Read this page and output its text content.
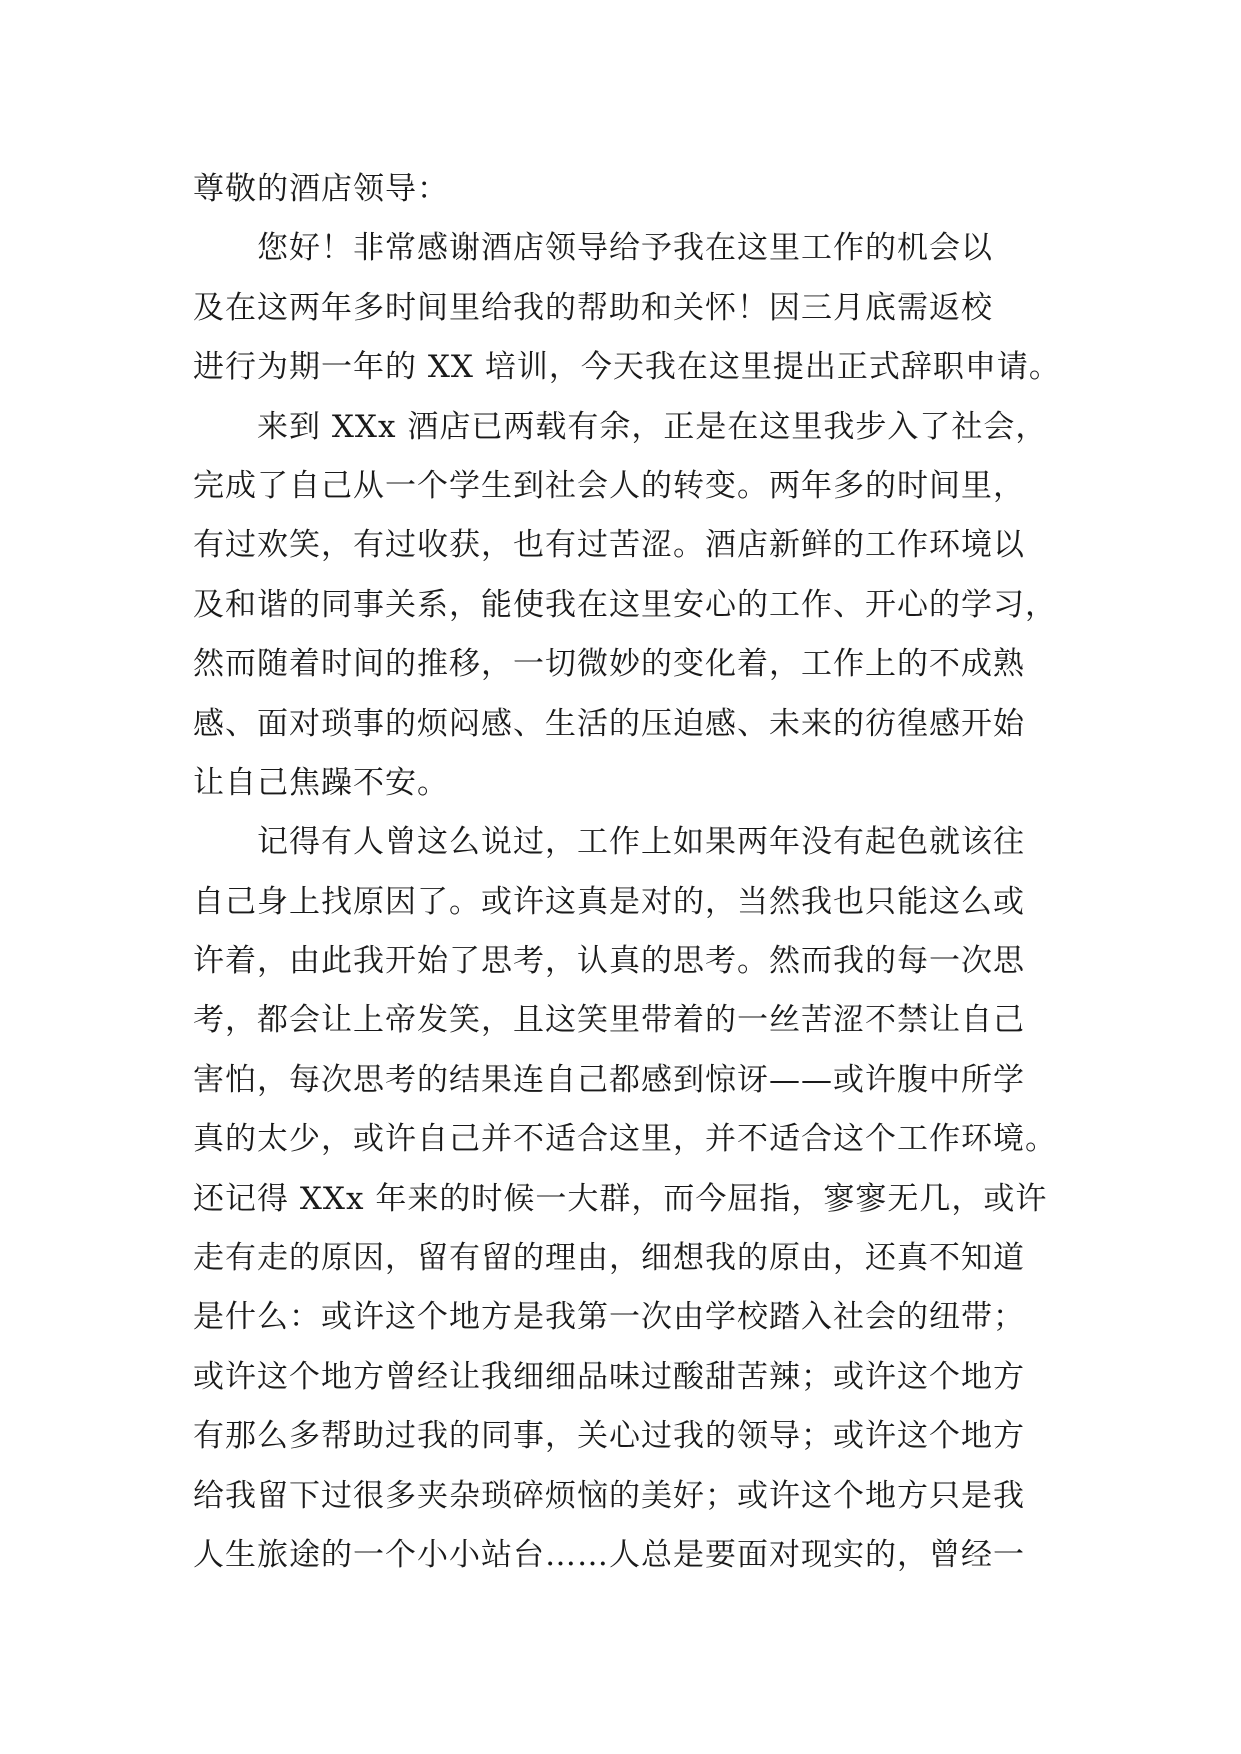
尊敬的酒店领导：
您好！非常感谢酒店领导给予我在这里工作的机会以
及在这两年多时间里给我的帮助和关怀！因三月底需返校
进行为期一年的 XX 培训，今天我在这里提出正式辞职申请。
来到 XXx 酒店已两载有余，正是在这里我步入了社会，
完成了自己从一个学生到社会人的转变。两年多的时间里，
有过欢笑，有过收获，也有过苦涩。酒店新鲜的工作环境以
及和谐的同事关系，能使我在这里安心的工作、开心的学习，
然而随着时间的推移，一切微妙的变化着，工作上的不成熟
感、面对琐事的烦闷感、生活的压迫感、未来的彷徨感开始
让自己焦躁不安。
记得有人曾这么说过，工作上如果两年没有起色就该往
自己身上找原因了。或许这真是对的，当然我也只能这么或
许着，由此我开始了思考，认真的思考。然而我的每一次思
考，都会让上帝发笑，且这笑里带着的一丝苦涩不禁让自己
害怕，每次思考的结果连自己都感到惊讶——或许腹中所学
真的太少，或许自己并不适合这里，并不适合这个工作环境。
还记得 XXx 年来的时候一大群，而今屈指，寥寥无几，或许
走有走的原因，留有留的理由，细想我的原由，还真不知道
是什么：或许这个地方是我第一次由学校踏入社会的纽带；
或许这个地方曾经让我细细品味过酸甜苦辣；或许这个地方
有那么多帮助过我的同事，关心过我的领导；或许这个地方
给我留下过很多夹杂琐碎烦恼的美好；或许这个地方只是我
人生旅途的一个小小站台……人总是要面对现实的，曾经一
